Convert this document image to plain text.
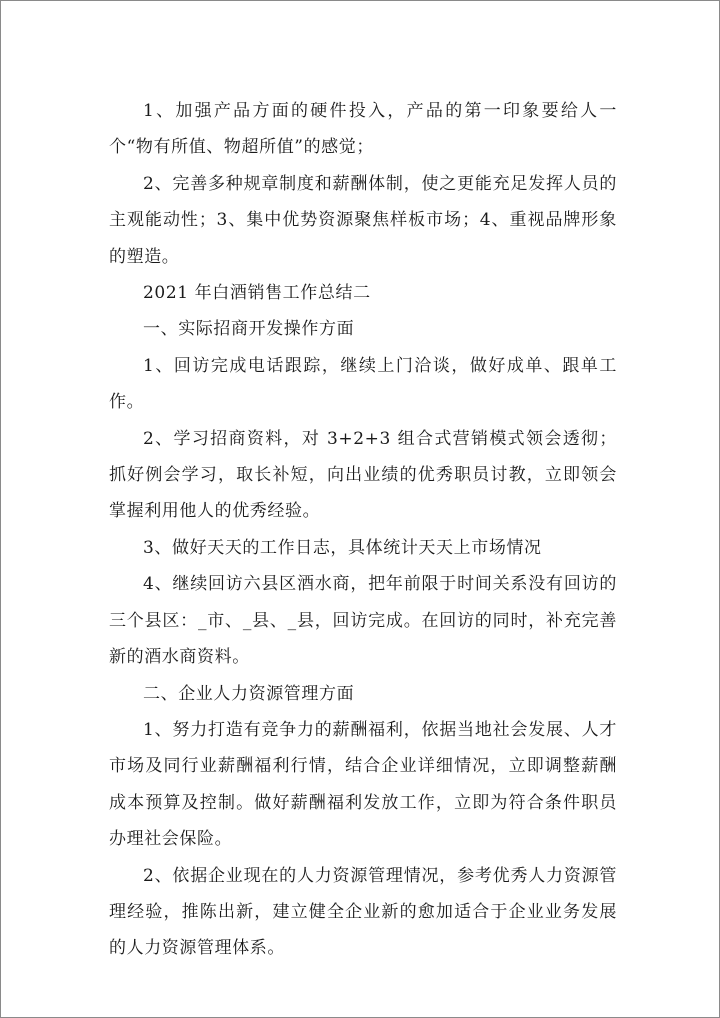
1、加强产品方面的硬件投入，产品的第一印象要给人一个“物有所值、物超所值”的感觉；

2、完善多种规章制度和薪酬体制，使之更能充足发挥人员的主观能动性；3、集中优势资源聚焦样板市场；4、重视品牌形象的塑造。

2021 年白酒销售工作总结二

一、实际招商开发操作方面

1、回访完成电话跟踪，继续上门洽谈，做好成单、跟单工作。

2、学习招商资料，对 3+2+3 组合式营销模式领会透彻；抓好例会学习，取长补短，向出业绩的优秀职员讨教，立即领会掌握利用他人的优秀经验。

3、做好天天的工作日志，具体统计天天上市场情况

4、继续回访六县区酒水商，把年前限于时间关系没有回访的三个县区：_市、_县、_县，回访完成。在回访的同时，补充完善新的酒水商资料。

二、企业人力资源管理方面

1、努力打造有竞争力的薪酬福利，依据当地社会发展、人才市场及同行业薪酬福利行情，结合企业详细情况，立即调整薪酬成本预算及控制。做好薪酬福利发放工作，立即为符合条件职员办理社会保险。

2、依据企业现在的人力资源管理情况，参考优秀人力资源管理经验，推陈出新，建立健全企业新的愈加适合于企业业务发展的人力资源管理体系。
